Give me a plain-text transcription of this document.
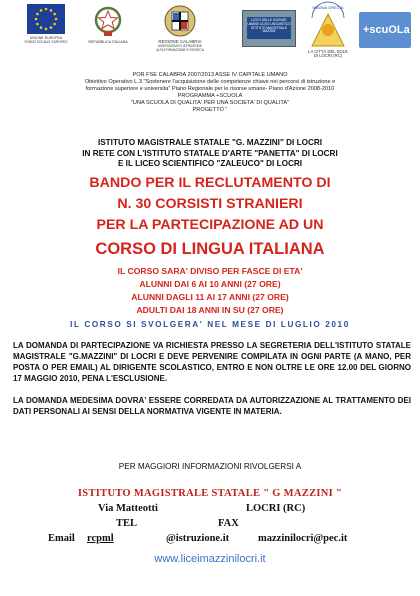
UNIONE EUROPEA
FONDO SOCIALE EUROPEO	REPUBBLICA ITALIANA	REGIONE CALABRIA
ASSESSORATO ISTRUZIONE
ALTA FORMAZIONE E RICERCA
LICEO DELLE SCIENZE UMANE LICEO LINGUISTICO ISTITUTO MAGISTRALE MAZZINI
MAGNA GRECIA
LA CITTÀ DEL SOLE
DI LOCRI (RC)
+scuOLa
POR FSE CALABRIA 2007/2013 ASSE IV CAPITALE UMANO
Obiettivo Operativo L.3 "Sostenere l'acquisizione delle competenze chiave nei percorsi di istruzione e
formazione superiore e universita" Piano Regionale per le risorse umane- Piano d'Azione 2008-2010
PROGRAMMA +SCUOLA
"UNA SCUOLA DI QUALITA' PER UNA SOCIETA' DI QUALITA"
PROGETTO "
ISTITUTO MAGISTRALE STATALE "G. MAZZINI" DI LOCRI
IN RETE CON L'ISTITUTO STATALE D'ARTE "PANETTA" DI LOCRI
E IL LICEO SCIENTIFICO "ZALEUCO" DI LOCRI
BANDO PER IL RECLUTAMENTO DI
N. 30 CORSISTI STRANIERI
PER LA PARTECIPAZIONE AD UN
CORSO DI LINGUA ITALIANA
IL CORSO SARA' DIVISO PER FASCE DI ETA'
ALUNNI DAI 6 AI 10 ANNI (27 ORE)
ALUNNI DAGLI 11 AI 17 ANNI (27 ORE)
ADULTI DAI 18 ANNI IN SU (27 ORE)
IL CORSO SI SVOLGERA' NEL MESE DI LUGLIO 2010
LA DOMANDA DI PARTECIPAZIONE VA RICHIESTA PRESSO LA SEGRETERIA DELL'ISTITUTO STATALE MAGISTRALE "G.MAZZINI" DI LOCRI E DEVE PERVENIRE COMPILATA IN OGNI PARTE (A MANO, PER POSTA O PER EMAIL) AL DIRIGENTE SCOLASTICO, ENTRO E NON OLTRE LE ORE 12.00 DEL GIORNO 17 MAGGIO 2010, PENA L'ESCLUSIONE.
LA DOMANDA MEDESIMA DOVRA' ESSERE CORREDATA DA AUTORIZZAZIONE AL TRATTAMENTO DEI DATI PERSONALI AI SENSI DELLA NORMATIVA VIGENTE IN MATERIA.
PER MAGGIORI INFORMAZIONI RIVOLGERSI A
ISTITUTO MAGISTRALE STATALE " G MAZZINI "
Via Matteotti	LOCRI (RC)
TEL	FAX
Email rcpml	@istruzione.it	mazzinilocri@pec.it
www.liceimazzinilocri.it
